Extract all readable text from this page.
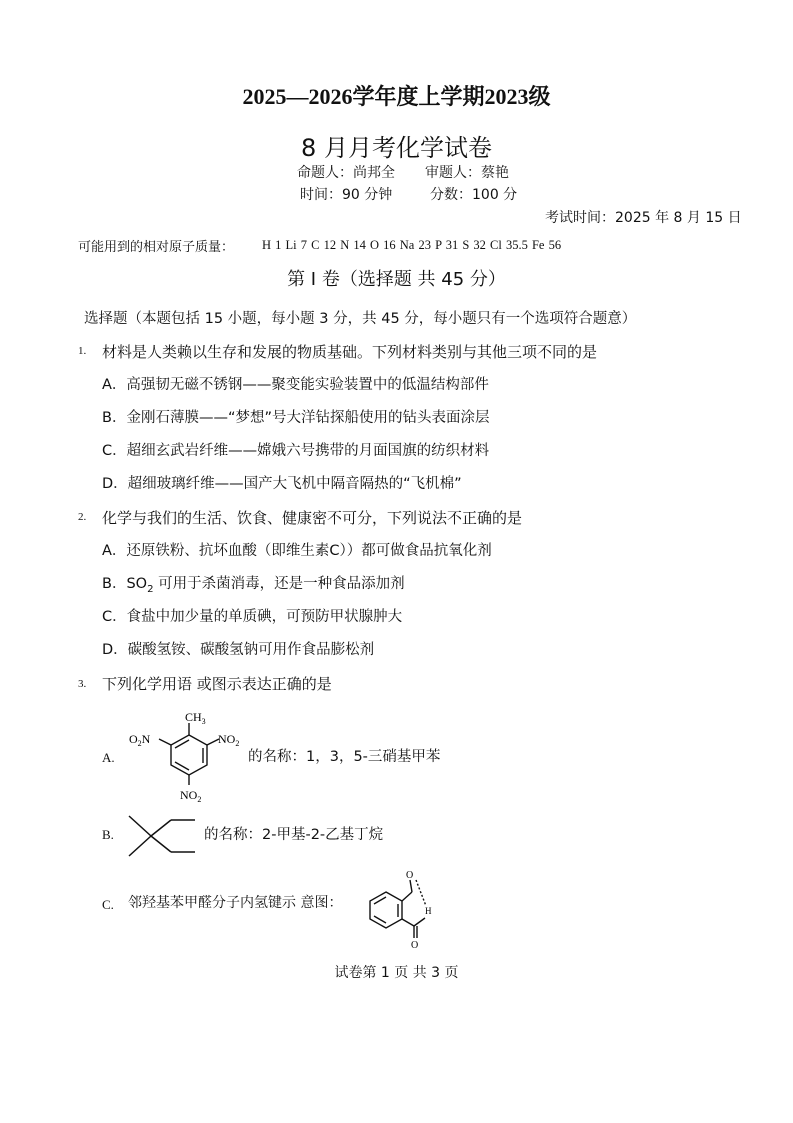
2025—2026学年度上学期2023级
8 月月考化学试卷
命题人：尚邦全 审题人：蔡艳
时间：90 分钟	分数：100 分
考试时间：2025 年 8 月 15 日
可能用到的相对原子质量： H 1 Li 7 C 12 N 14 O 16 Na 23 P 31 S 32 Cl 35.5 Fe 56
第 I 卷（选择题 共 45 分）
选择题（本题包括 15 小题，每小题 3 分，共 45 分，每小题只有一个选项符合题意）
1. 材料是人类赖以生存和发展的物质基础。下列材料类别与其他三项不同的是
A．高强韧无磁不锈钢——聚变能实验装置中的低温结构部件
B．金刚石薄膜——“梦想”号大洋钻探船使用的钻头表面涂层
C．超细玄武岩纤维——嫦娥六号携带的月面国旗的纺织材料
D．超细玻璃纤维——国产大飞机中隔音隔热的“飞机棉”
2. 化学与我们的生活、饮食、健康密不可分，下列说法不正确的是
A．还原铁粉、抗坏血酸（即维生素C））都可做食品抗氧化剂
B．$SO_2$ 可用于杀菌消毒，还是一种食品添加剂
C．食盐中加少量的单质碘，可预防甲状腺肿大
D．碳酸氢铵、碳酸氢钠可用作食品膨松剂
3. 下列化学用语 或图示表达正确的是
A.
$CH_3$
$O_2N$	$NO_2$
$NO_2$
的名称：1，3，5-三硝基甲苯
B.	的名称：2-甲基-2-乙基丁烷
C. 邻羟基苯甲醛分子内氢键示 意图：
O
H
O
试卷第 1 页 共 3 页
